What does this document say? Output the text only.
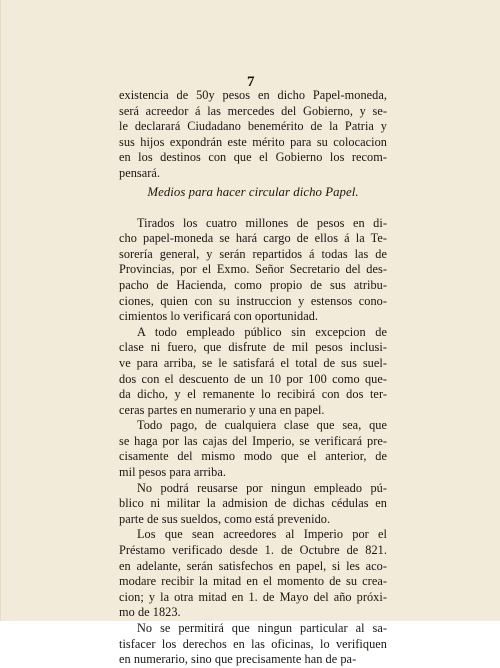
7
existencia de 50y pesos en dicho Papel-moneda,
será acreedor á las mercedes del Gobierno, y se-
le declarará Ciudadano benemérito de la Patria y
sus hijos expondrán este mérito para su colocacion
en los destinos con que el Gobierno los recom-
pensará.
Medios para hacer circular dicho Papel.
Tirados los cuatro millones de pesos en di-
cho papel-moneda se hará cargo de ellos á la Te-
sorería general, y serán repartidos á todas las de
Provincias, por el Exmo. Señor Secretario del des-
pacho de Hacienda, como propio de sus atribu-
ciones, quien con su instruccion y estensos cono-
cimientos lo verificará con oportunidad.
A todo empleado público sin excepcion de
clase ni fuero, que disfrute de mil pesos inclusi-
ve para arriba, se le satisfará el total de sus suel-
dos con el descuento de un 10 por 100 como que-
da dicho, y el remanente lo recibirá con dos ter-
ceras partes en numerario y una en papel.
Todo pago, de cualquiera clase que sea, que
se haga por las cajas del Imperio, se verificará pre-
cisamente del mismo modo que el anterior, de
mil pesos para arriba.
No podrá reusarse por ningun empleado pú-
blico ni militar la admision de dichas cédulas en
parte de sus sueldos, como está prevenido.
Los que sean acreedores al Imperio por el
Préstamo verificado desde 1. de Octubre de 821.
en adelante, serán satisfechos en papel, si les aco-
modare recibir la mitad en el momento de su crea-
cion; y la otra mitad en 1. de Mayo del año próxi-
mo de 1823.
No se permitirá que ningun particular al sa-
tisfacer los derechos en las oficinas, lo verifiquen
en numerario, sino que precisamente han de pa-
